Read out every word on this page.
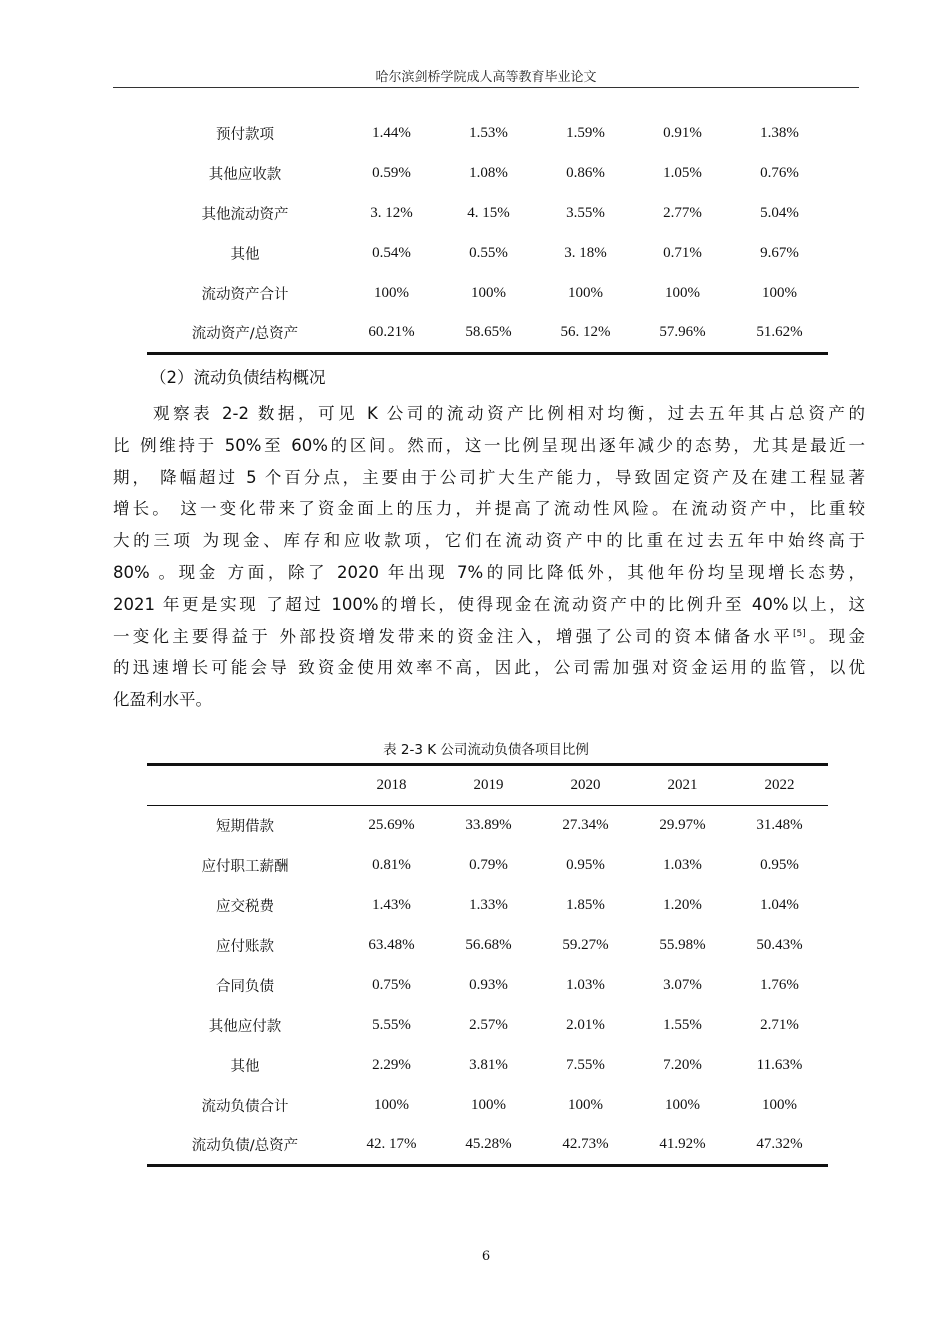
哈尔滨剑桥学院成人高等教育毕业论文
预付款项	1.44%	1.53%	1.59%	0.91%	1.38%
其他应收款	0.59%	1.08%	0.86%	1.05%	0.76%
其他流动资产	3. 12%	4. 15%	3.55%	2.77%	5.04%
其他	0.54%	0.55%	3. 18%	0.71%	9.67%
流动资产合计	100%	100%	100%	100%	100%
流动资产/总资产	60.21%	58.65%	56. 12%	57.96%	51.62%
（2）流动负债结构概况
观察表 2-2 数据，可见 K 公司的流动资产比例相对均衡，过去五年其占总资产的
比 例维持于 50%至 60%的区间。然而，这一比例呈现出逐年减少的态势，尤其是最近一
期， 降幅超过 5 个百分点，主要由于公司扩大生产能力，导致固定资产及在建工程显著
增长。 这一变化带来了资金面上的压力，并提高了流动性风险。在流动资产中，比重较
大的三项 为现金、库存和应收款项，它们在流动资产中的比重在过去五年中始终高于
80% 。现金 方面，除了 2020 年出现 7%的同比降低外，其他年份均呈现增长态势，
2021 年更是实现 了超过 100%的增长，使得现金在流动资产中的比例升至 40%以上，这
一变化主要得益于 外部投资增发带来的资金注入，增强了公司的资本储备水平[5]。现金
的迅速增长可能会导 致资金使用效率不高，因此，公司需加强对资金运用的监管，以优
化盈利水平。
表 2-3 K 公司流动负债各项目比例
	2018	2019	2020	2021	2022
短期借款	25.69%	33.89%	27.34%	29.97%	31.48%
应付职工薪酬	0.81%	0.79%	0.95%	1.03%	0.95%
应交税费	1.43%	1.33%	1.85%	1.20%	1.04%
应付账款	63.48%	56.68%	59.27%	55.98%	50.43%
合同负债	0.75%	0.93%	1.03%	3.07%	1.76%
其他应付款	5.55%	2.57%	2.01%	1.55%	2.71%
其他	2.29%	3.81%	7.55%	7.20%	11.63%
流动负债合计	100%	100%	100%	100%	100%
流动负债/总资产	42. 17%	45.28%	42.73%	41.92%	47.32%
6
